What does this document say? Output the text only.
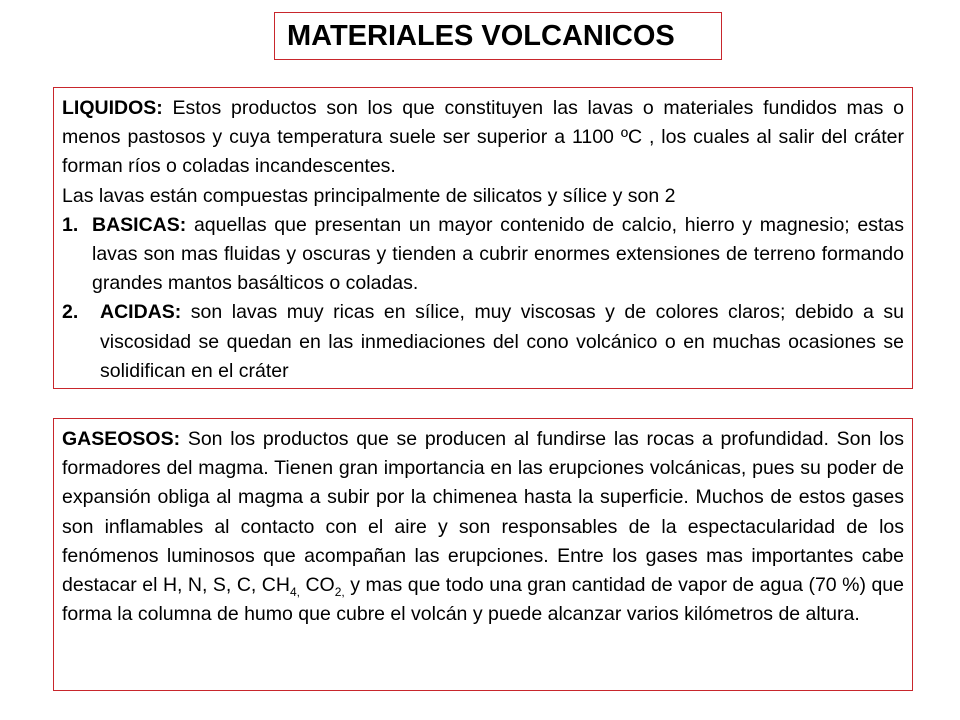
MATERIALES VOLCANICOS

LIQUIDOS: Estos productos son los que constituyen las lavas o materiales fundidos mas o menos pastosos y cuya temperatura suele ser superior a 1100 ºC , los cuales al salir del cráter forman ríos o coladas incandescentes.

Las lavas están compuestas principalmente de silicatos y sílice y son 2

1. BASICAS: aquellas que presentan un mayor contenido de calcio, hierro y magnesio; estas lavas son mas fluidas y oscuras y tienden a cubrir enormes extensiones de terreno formando grandes mantos basálticos o coladas.
2.	ACIDAS: son lavas muy ricas en sílice, muy viscosas y de colores claros; debido a su viscosidad se quedan en las inmediaciones del cono volcánico o en muchas ocasiones se solidifican en el cráter

GASEOSOS: Son los productos que se producen al fundirse las rocas a profundidad. Son los formadores del magma. Tienen gran importancia en las erupciones volcánicas, pues su poder de expansión obliga al magma a subir por la chimenea hasta la superficie. Muchos de estos gases son inflamables al contacto con el aire y son responsables de la espectacularidad de los fenómenos luminosos que acompañan las erupciones. Entre los gases mas importantes cabe destacar el H, N, S, C, $CH_{4,}$ $CO_{2,}$ y mas que todo una gran cantidad de vapor de agua (70 %) que forma la columna de humo que cubre el volcán y puede alcanzar varios kilómetros de altura.
